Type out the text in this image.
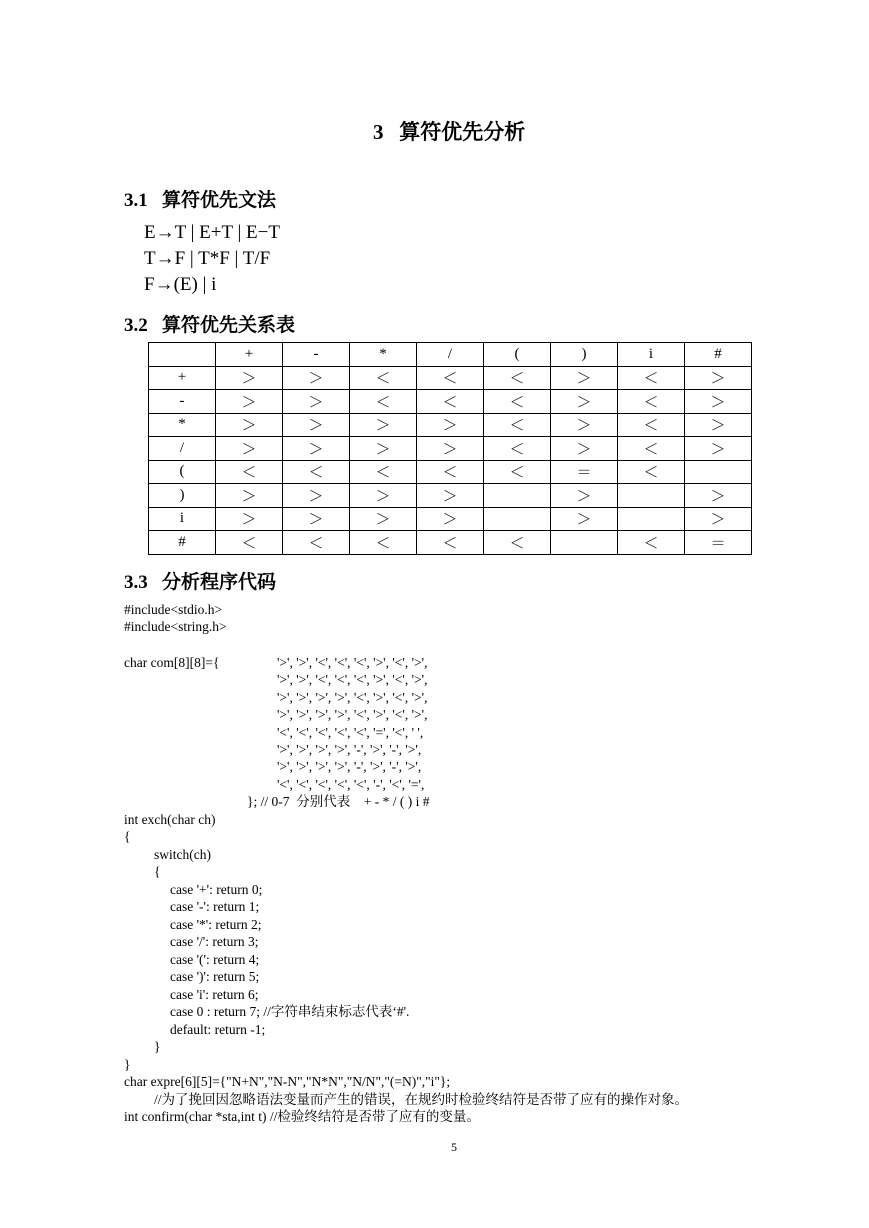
3   算符优先分析
3.1   算符优先文法
E→T | E+T | E−T
T→F | T*F | T/F
F→(E) | i
3.2   算符优先关系表
	+	-	*	/	(	)	i	#
+	＞	＞	＜	＜	＜	＞	＜	＞
-	＞	＞	＜	＜	＜	＞	＜	＞
*	＞	＞	＞	＞	＜	＞	＜	＞
/	＞	＞	＞	＞	＜	＞	＜	＞
(	＜	＜	＜	＜	＜	＝	＜	
)	＞	＞	＞	＞		＞		＞
i	＞	＞	＞	＞		＞		＞
#	＜	＜	＜	＜	＜		＜	＝
3.3   分析程序代码
#include<stdio.h>
#include<string.h>
char com[8][8]={	'>', '>', '<', '<', '<', '>', '<', '>',
'>', '>', '<', '<', '<', '>', '<', '>',
'>', '>', '>', '>', '<', '>', '<', '>',
'>', '>', '>', '>', '<', '>', '<', '>',
'<', '<', '<', '<', '<', '=', '<', ' ',
'>', '>', '>', '>', '-', '>', '-', '>',
'>', '>', '>', '>', '-', '>', '-', '>',
'<', '<', '<', '<', '<', '-', '<', '=',
}; // 0-7  分别代表    + - * / ( ) i #
int exch(char ch)
{
switch(ch)
{
case '+': return 0;
case '-': return 1;
case '*': return 2;
case '/': return 3;
case '(': return 4;
case ')': return 5;
case 'i': return 6;
case 0 : return 7; //字符串结束标志代表‘#'.
default: return -1;
}
}
char expre[6][5]={"N+N","N-N","N*N","N/N","(=N)","i"};
//为了挽回因忽略语法变量而产生的错误，在规约时检验终结符是否带了应有的操作对象。
int confirm(char *sta,int t) //检验终结符是否带了应有的变量。
5
